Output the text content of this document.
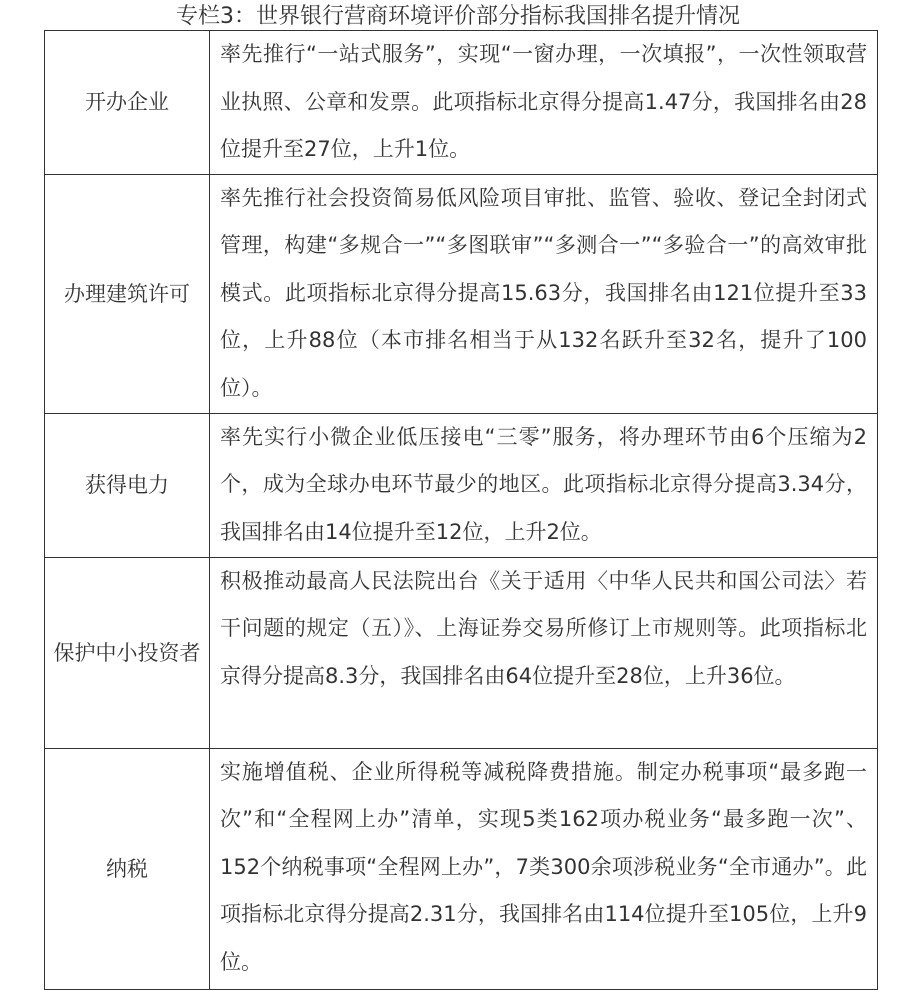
专栏3：世界银行营商环境评价部分指标我国排名提升情况
开办企业	率先推行“一站式服务”，实现“一窗办理，一次填报”，一次性领取营业执照、公章和发票。此项指标北京得分提高1.47分，我国排名由28位提升至27位，上升1位。
办理建筑许可	率先推行社会投资简易低风险项目审批、监管、验收、登记全封闭式管理，构建“多规合一”“多图联审”“多测合一”“多验合一”的高效审批模式。此项指标北京得分提高15.63分，我国排名由121位提升至33位，上升88位（本市排名相当于从132名跃升至32名，提升了100位）。
获得电力	率先实行小微企业低压接电“三零”服务，将办理环节由6个压缩为2个，成为全球办电环节最少的地区。此项指标北京得分提高3.34分，我国排名由14位提升至12位，上升2位。
保护中小投资者	积极推动最高人民法院出台《关于适用〈中华人民共和国公司法〉若干问题的规定（五）》、上海证券交易所修订上市规则等。此项指标北京得分提高8.3分，我国排名由64位提升至28位，上升36位。
纳税	实施增值税、企业所得税等减税降费措施。制定办税事项“最多跑一次”和“全程网上办”清单，实现5类162项办税业务“最多跑一次”、152个纳税事项“全程网上办”，7类300余项涉税业务“全市通办”。此项指标北京得分提高2.31分，我国排名由114位提升至105位，上升9位。
